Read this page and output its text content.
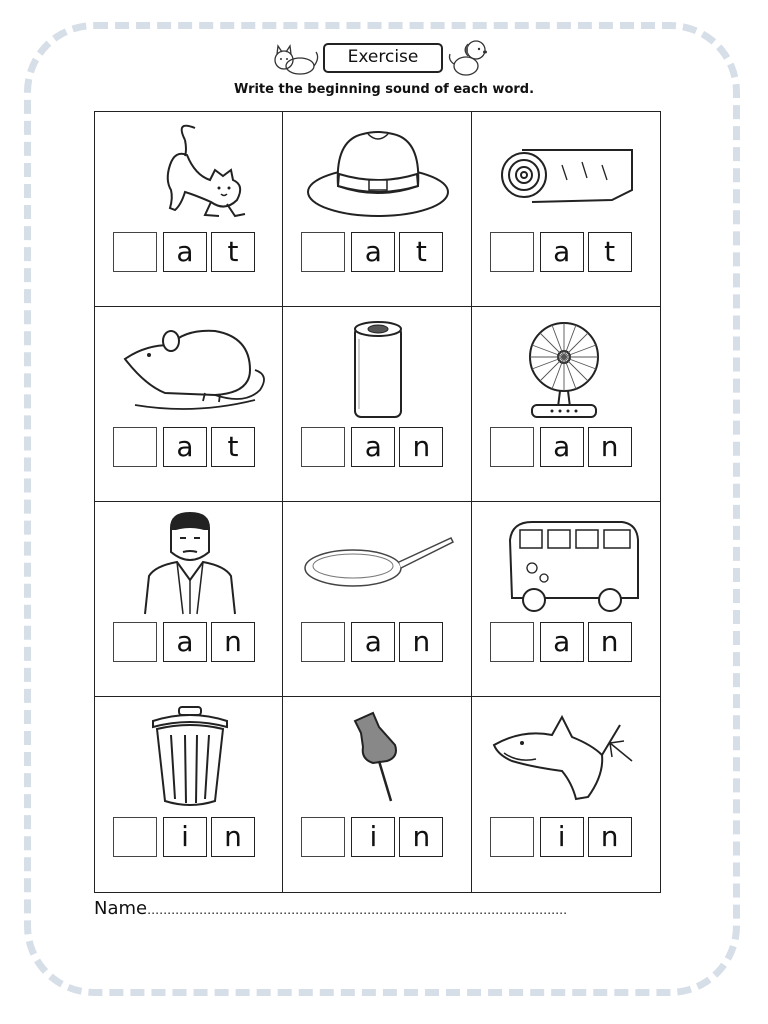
Exercise
Write the beginning sound of each word.
a	t	a	t	a	t
a	t	a	n	a	n
a	n	a	n	a	n
i	n	i	n	i	n
Name……………………………………………………………………………………………
